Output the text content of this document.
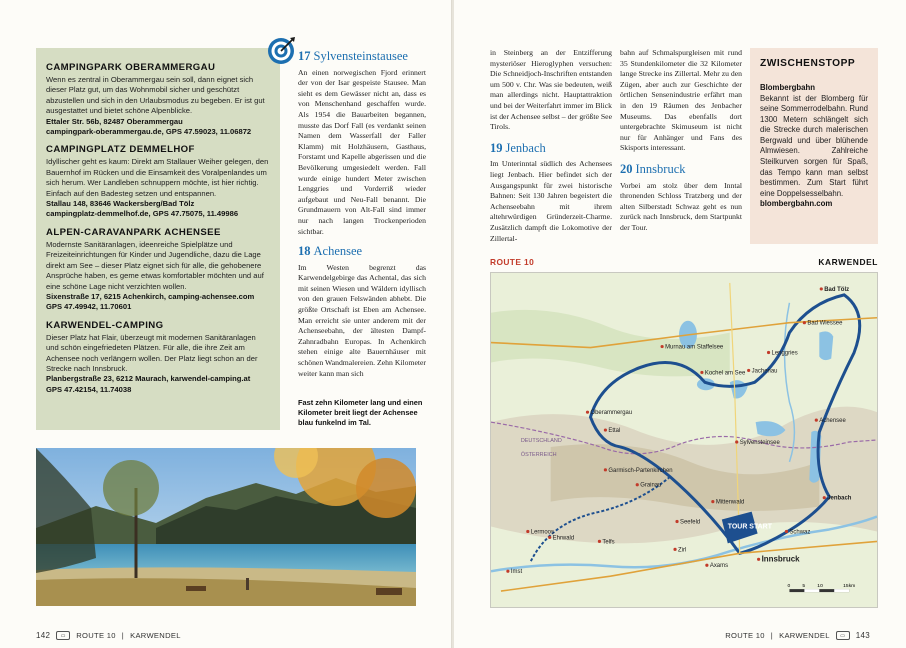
CAMPINGPARK OBERAMMERGAU
Wenn es zentral in Oberammergau sein soll, dann eignet sich dieser Platz gut, um das Wohnmobil sicher und geschützt abzustellen und sich in den Urlaubsmodus zu begeben. Er ist gut ausgestattet und bietet schöne Alpenblicke.
Ettaler Str. 56b, 82487 Oberammergau
campingpark-oberammergau.de, GPS 47.59023, 11.06872
CAMPINGPLATZ DEMMELHOF
Idyllischer geht es kaum: Direkt am Stallauer Weiher gelegen, den Bauernhof im Rücken und die Einsamkeit des Voralpenlandes um sich herum. Wer Landleben schnuppern möchte, ist hier richtig. Einfach auf den Badesteg setzen und entspannen.
Stallau 148, 83646 Wackersberg/Bad Tölz
campingplatz-demmelhof.de, GPS 47.75075, 11.49986
ALPEN-CARAVANPARK ACHENSEE
Modernste Sanitäranlagen, ideenreiche Spielplätze und Freizeiteinrichtungen für Kinder und Jugendliche, dazu die Lage direkt am See – dieser Platz eignet sich für alle, die gehobenere Ansprüche haben, es geme etwas komfortabler möchten und auf eine schöne Lage nicht verzichten wollen.
Sixenstraße 17, 6215 Achenkirch, camping-achensee.com
GPS 47.49942, 11.70601
KARWENDEL-CAMPING
Dieser Platz hat Flair, überzeugt mit modernen Sanitäranlagen und schön eingefriedeten Plätzen. Für alle, die ihre Zeit am Achensee noch verlängern wollen. Der Platz liegt schon an der Strecke nach Innsbruck.
Planbergstraße 23, 6212 Maurach, karwendel-camping.at
GPS 47.42154, 11.74038
17 Sylvensteinstausee

An einen norwegischen Fjord erinnert der von der Isar gespeiste Stausee. Man sieht es dem Gewässer nicht an, dass es von Menschenhand geschaffen wurde. Als 1954 die Bauarbeiten begannen, musste das Dorf Fall (es verdankt seinen Namen dem Wasserfall der Faller Klamm) mit Holzhäusern, Gasthaus, Forstamt und Kapelle abgerissen und die Bevölkerung umgesiedelt werden. Fall wurde einige hundert Meter zwischen Lenggries und Vorderriß wieder aufgebaut und Neu-Fall benannt. Die Grundmauern von Alt-Fall sind immer nur nach langen Trockenperioden sichtbar.

18 Achensee

Im Westen begrenzt das Karwendelgebirge das Achental, das sich mit seinen Wiesen und Wäldern idyllisch von den grauen Felswänden abhebt. Die größte Ortschaft ist Eben am Achensee. Man erreicht sie unter anderem mit der Achenseebahn, der ältesten Dampf-Zahnradbahn Europas. In Achenkirch stehen einige alte Bauernhäuser mit schönen Wandmalereien. Zehn Kilometer weiter kann man sich

Fast zehn Kilometer lang und einen Kilometer breit liegt der Achensee blau funkelnd im Tal.
142	▭	ROUTE 10 | KARWENDEL

in Steinberg an der Entzifferung mysteriöser Hieroglyphen versuchen: Die Schneidjoch-Inschriften entstanden um 500 v. Chr. Was sie bedeuten, weiß man allerdings nicht. Hauptattraktion und bei der Weiterfahrt immer im Blick ist der Achensee selbst – der größte See Tirols.

19 Jenbach

Im Unterinntal südlich des Achensees liegt Jenbach. Hier befindet sich der Ausgangspunkt für zwei historische Bahnen: Seit 130 Jahren begeistert die Achenseebahn mit ihrem altehrwürdigen Gründerzeit-Charme. Zusätzlich dampft die Lokomotive der Zillertal-

bahn auf Schmalspurgleisen mit rund 35 Stundenkilometer die 32 Kilometer lange Strecke ins Zillertal. Mehr zu den Zügen, aber auch zur Geschichte der örtlichen Sensenindustrie erfährt man in den 19 Räumen des Jenbacher Museums. Das ebenfalls dort untergebrachte Skimuseum ist nicht nur für Anhänger und Fans des Skisports interessant.

20 Innsbruck

Vorbei am stolz über dem Inntal thronenden Schloss Tratzberg und der alten Silberstadt Schwaz geht es nun zurück nach Innsbruck, dem Startpunkt der Tour.

ZWISCHENSTOPP
Blombergbahn
Bekannt ist der Blomberg für seine Sommerrodelbahn. Rund 1300 Metern schlängelt sich die Strecke durch malerischen Bergwald und über blühende Almwiesen. Zahlreiche Steilkurven sorgen für Spaß, das Tempo kann man selbst bestimmen. Zum Start führt eine Doppelsesselbahn.
blombergbahn.com
ROUTE 10	KARWENDEL
Murnau am Staffelsee
Kochel am See Jachenau
Bad Tölz
Bad Wiessee
Lenggries
Oberammergau
Ettal
Garmisch-Partenkirchen
Grainau
Lermoos
Ehrwald
Achensee
Jenbach
Schwaz
Innsbruck
Axams
Imst
Telfs
Zirl
Mittenwald
Seefeld
Sylvensteinsee
DEUTSCHLAND
ÖSTERREICH
TOUR START
0 5 10	15km
ROUTE 10 | KARWENDEL	▭	143
